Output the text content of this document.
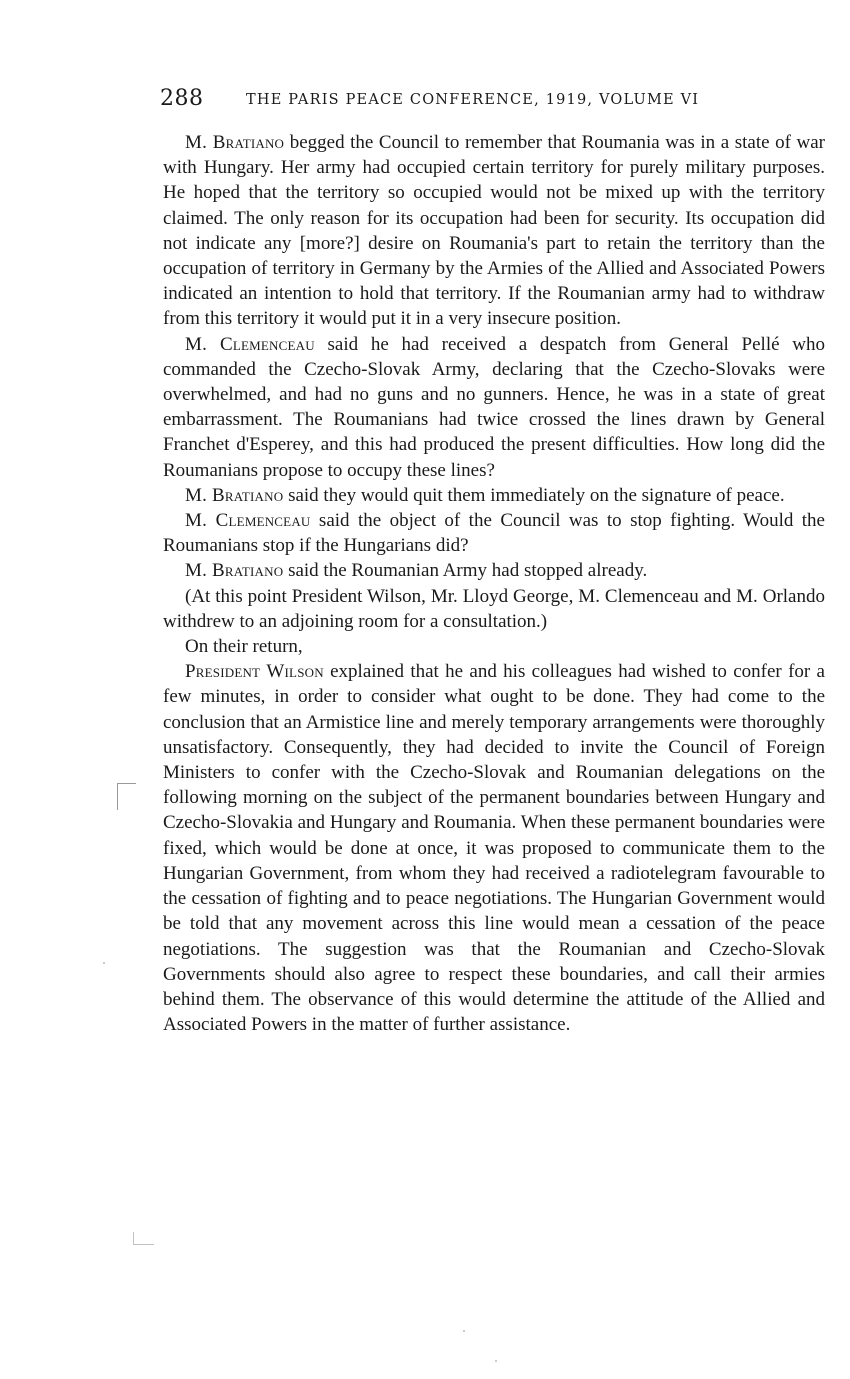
288	THE PARIS PEACE CONFERENCE, 1919, VOLUME VI

M. Bratiano begged the Council to remember that Roumania was in a state of war with Hungary. Her army had occupied certain territory for purely military purposes. He hoped that the territory so occupied would not be mixed up with the territory claimed. The only reason for its occupation had been for security. Its occupation did not indicate any [more?] desire on Roumania's part to retain the territory than the occupation of territory in Germany by the Armies of the Allied and Associated Powers indicated an intention to hold that territory. If the Roumanian army had to withdraw from this territory it would put it in a very insecure position.

M. Clemenceau said he had received a despatch from General Pellé who commanded the Czecho-Slovak Army, declaring that the Czecho-Slovaks were overwhelmed, and had no guns and no gunners. Hence, he was in a state of great embarrassment. The Roumanians had twice crossed the lines drawn by General Franchet d'Esperey, and this had produced the present difficulties. How long did the Roumanians propose to occupy these lines?

M. Bratiano said they would quit them immediately on the signature of peace.

M. Clemenceau said the object of the Council was to stop fighting. Would the Roumanians stop if the Hungarians did?

M. Bratiano said the Roumanian Army had stopped already.

(At this point President Wilson, Mr. Lloyd George, M. Clemenceau and M. Orlando withdrew to an adjoining room for a consultation.)

On their return,

President Wilson explained that he and his colleagues had wished to confer for a few minutes, in order to consider what ought to be done. They had come to the conclusion that an Armistice line and merely temporary arrangements were thoroughly unsatisfactory. Consequently, they had decided to invite the Council of Foreign Ministers to confer with the Czecho-Slovak and Roumanian delegations on the following morning on the subject of the permanent boundaries between Hungary and Czecho-Slovakia and Hungary and Roumania. When these permanent boundaries were fixed, which would be done at once, it was proposed to communicate them to the Hungarian Government, from whom they had received a radiotelegram favourable to the cessation of fighting and to peace negotiations. The Hungarian Government would be told that any movement across this line would mean a cessation of the peace negotiations. The suggestion was that the Roumanian and Czecho-Slovak Governments should also agree to respect these boundaries, and call their armies behind them. The observance of this would determine the attitude of the Allied and Associated Powers in the matter of further assistance.
